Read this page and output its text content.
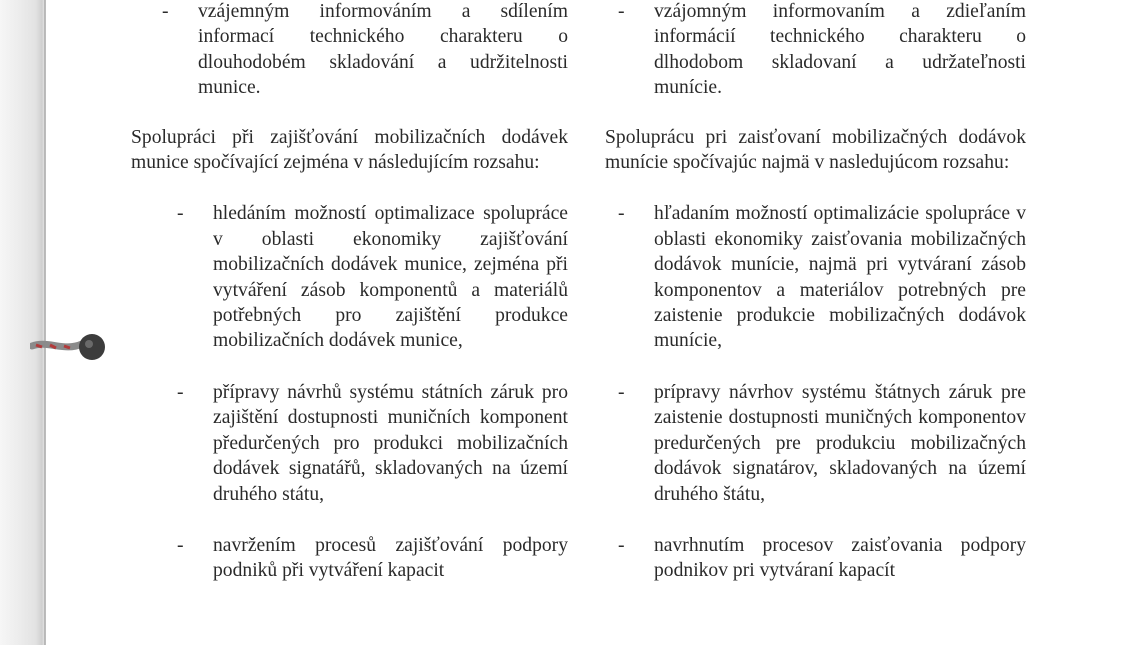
- vzájemným informováním a sdílením informací technického charakteru o dlouhodobém skladování a udržitelnosti munice.

Spolupráci při zajišťování mobilizačních dodávek munice spočívající zejména v následujícím rozsahu:

- hledáním možností optimalizace spolupráce v oblasti ekonomiky zajišťování mobilizačních dodávek munice, zejména při vytváření zásob komponentů a materiálů potřebných pro zajištění produkce mobilizačních dodávek munice,
- přípravy návrhů systému státních záruk pro zajištění dostupnosti muničních komponent předurčených pro produkci mobilizačních dodávek signatářů, skladovaných na území druhého státu,
- navržením procesů zajišťování podpory podniků při vytváření kapacit
- vzájomným informovaním a zdieľaním informácií technického charakteru o dlhodobom skladovaní a udržateľnosti munície.

Spoluprácu pri zaisťovaní mobilizačných dodávok munície spočívajúc najmä v nasledujúcom rozsahu:

- hľadaním možností optimalizácie spolupráce v oblasti ekonomiky zaisťovania mobilizačných dodávok munície, najmä pri vytváraní zásob komponentov a materiálov potrebných pre zaistenie produkcie mobilizačných dodávok munície,
- prípravy návrhov systému štátnych záruk pre zaistenie dostupnosti muničných komponentov predurčených pre produkciu mobilizačných dodávok signatárov, skladovaných na území druhého štátu,
- navrhnutím procesov zaisťovania podpory podnikov pri vytváraní kapacít
